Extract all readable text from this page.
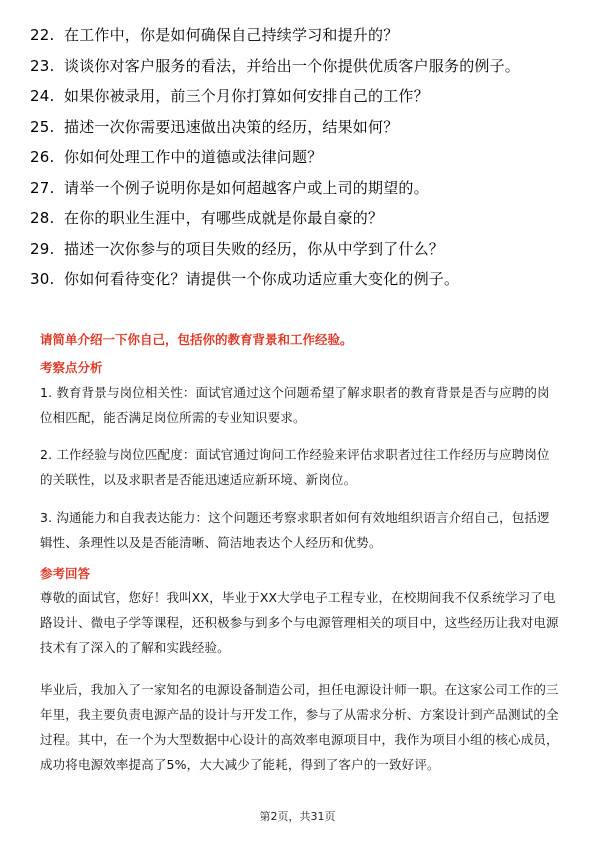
22. 在工作中，你是如何确保自己持续学习和提升的？
23. 谈谈你对客户服务的看法，并给出一个你提供优质客户服务的例子。
24. 如果你被录用，前三个月你打算如何安排自己的工作？
25. 描述一次你需要迅速做出决策的经历，结果如何？
26. 你如何处理工作中的道德或法律问题？
27. 请举一个例子说明你是如何超越客户或上司的期望的。
28. 在你的职业生涯中，有哪些成就是你最自豪的？
29. 描述一次你参与的项目失败的经历，你从中学到了什么？
30. 你如何看待变化？请提供一个你成功适应重大变化的例子。
请简单介绍一下你自己，包括你的教育背景和工作经验。
考察点分析
1. 教育背景与岗位相关性：面试官通过这个问题希望了解求职者的教育背景是否与应聘的岗位相匹配，能否满足岗位所需的专业知识要求。
2. 工作经验与岗位匹配度：面试官通过询问工作经验来评估求职者过往工作经历与应聘岗位的关联性，以及求职者是否能迅速适应新环境、新岗位。
3. 沟通能力和自我表达能力：这个问题还考察求职者如何有效地组织语言介绍自己，包括逻辑性、条理性以及是否能清晰、简洁地表达个人经历和优势。
参考回答
尊敬的面试官，您好！我叫XX，毕业于XX大学电子工程专业，在校期间我不仅系统学习了电路设计、微电子学等课程，还积极参与到多个与电源管理相关的项目中，这些经历让我对电源技术有了深入的了解和实践经验。
毕业后，我加入了一家知名的电源设备制造公司，担任电源设计师一职。在这家公司工作的三年里，我主要负责电源产品的设计与开发工作，参与了从需求分析、方案设计到产品测试的全过程。其中，在一个为大型数据中心设计的高效率电源项目中，我作为项目小组的核心成员，成功将电源效率提高了5%，大大减少了能耗，得到了客户的一致好评。
第2页，共31页
